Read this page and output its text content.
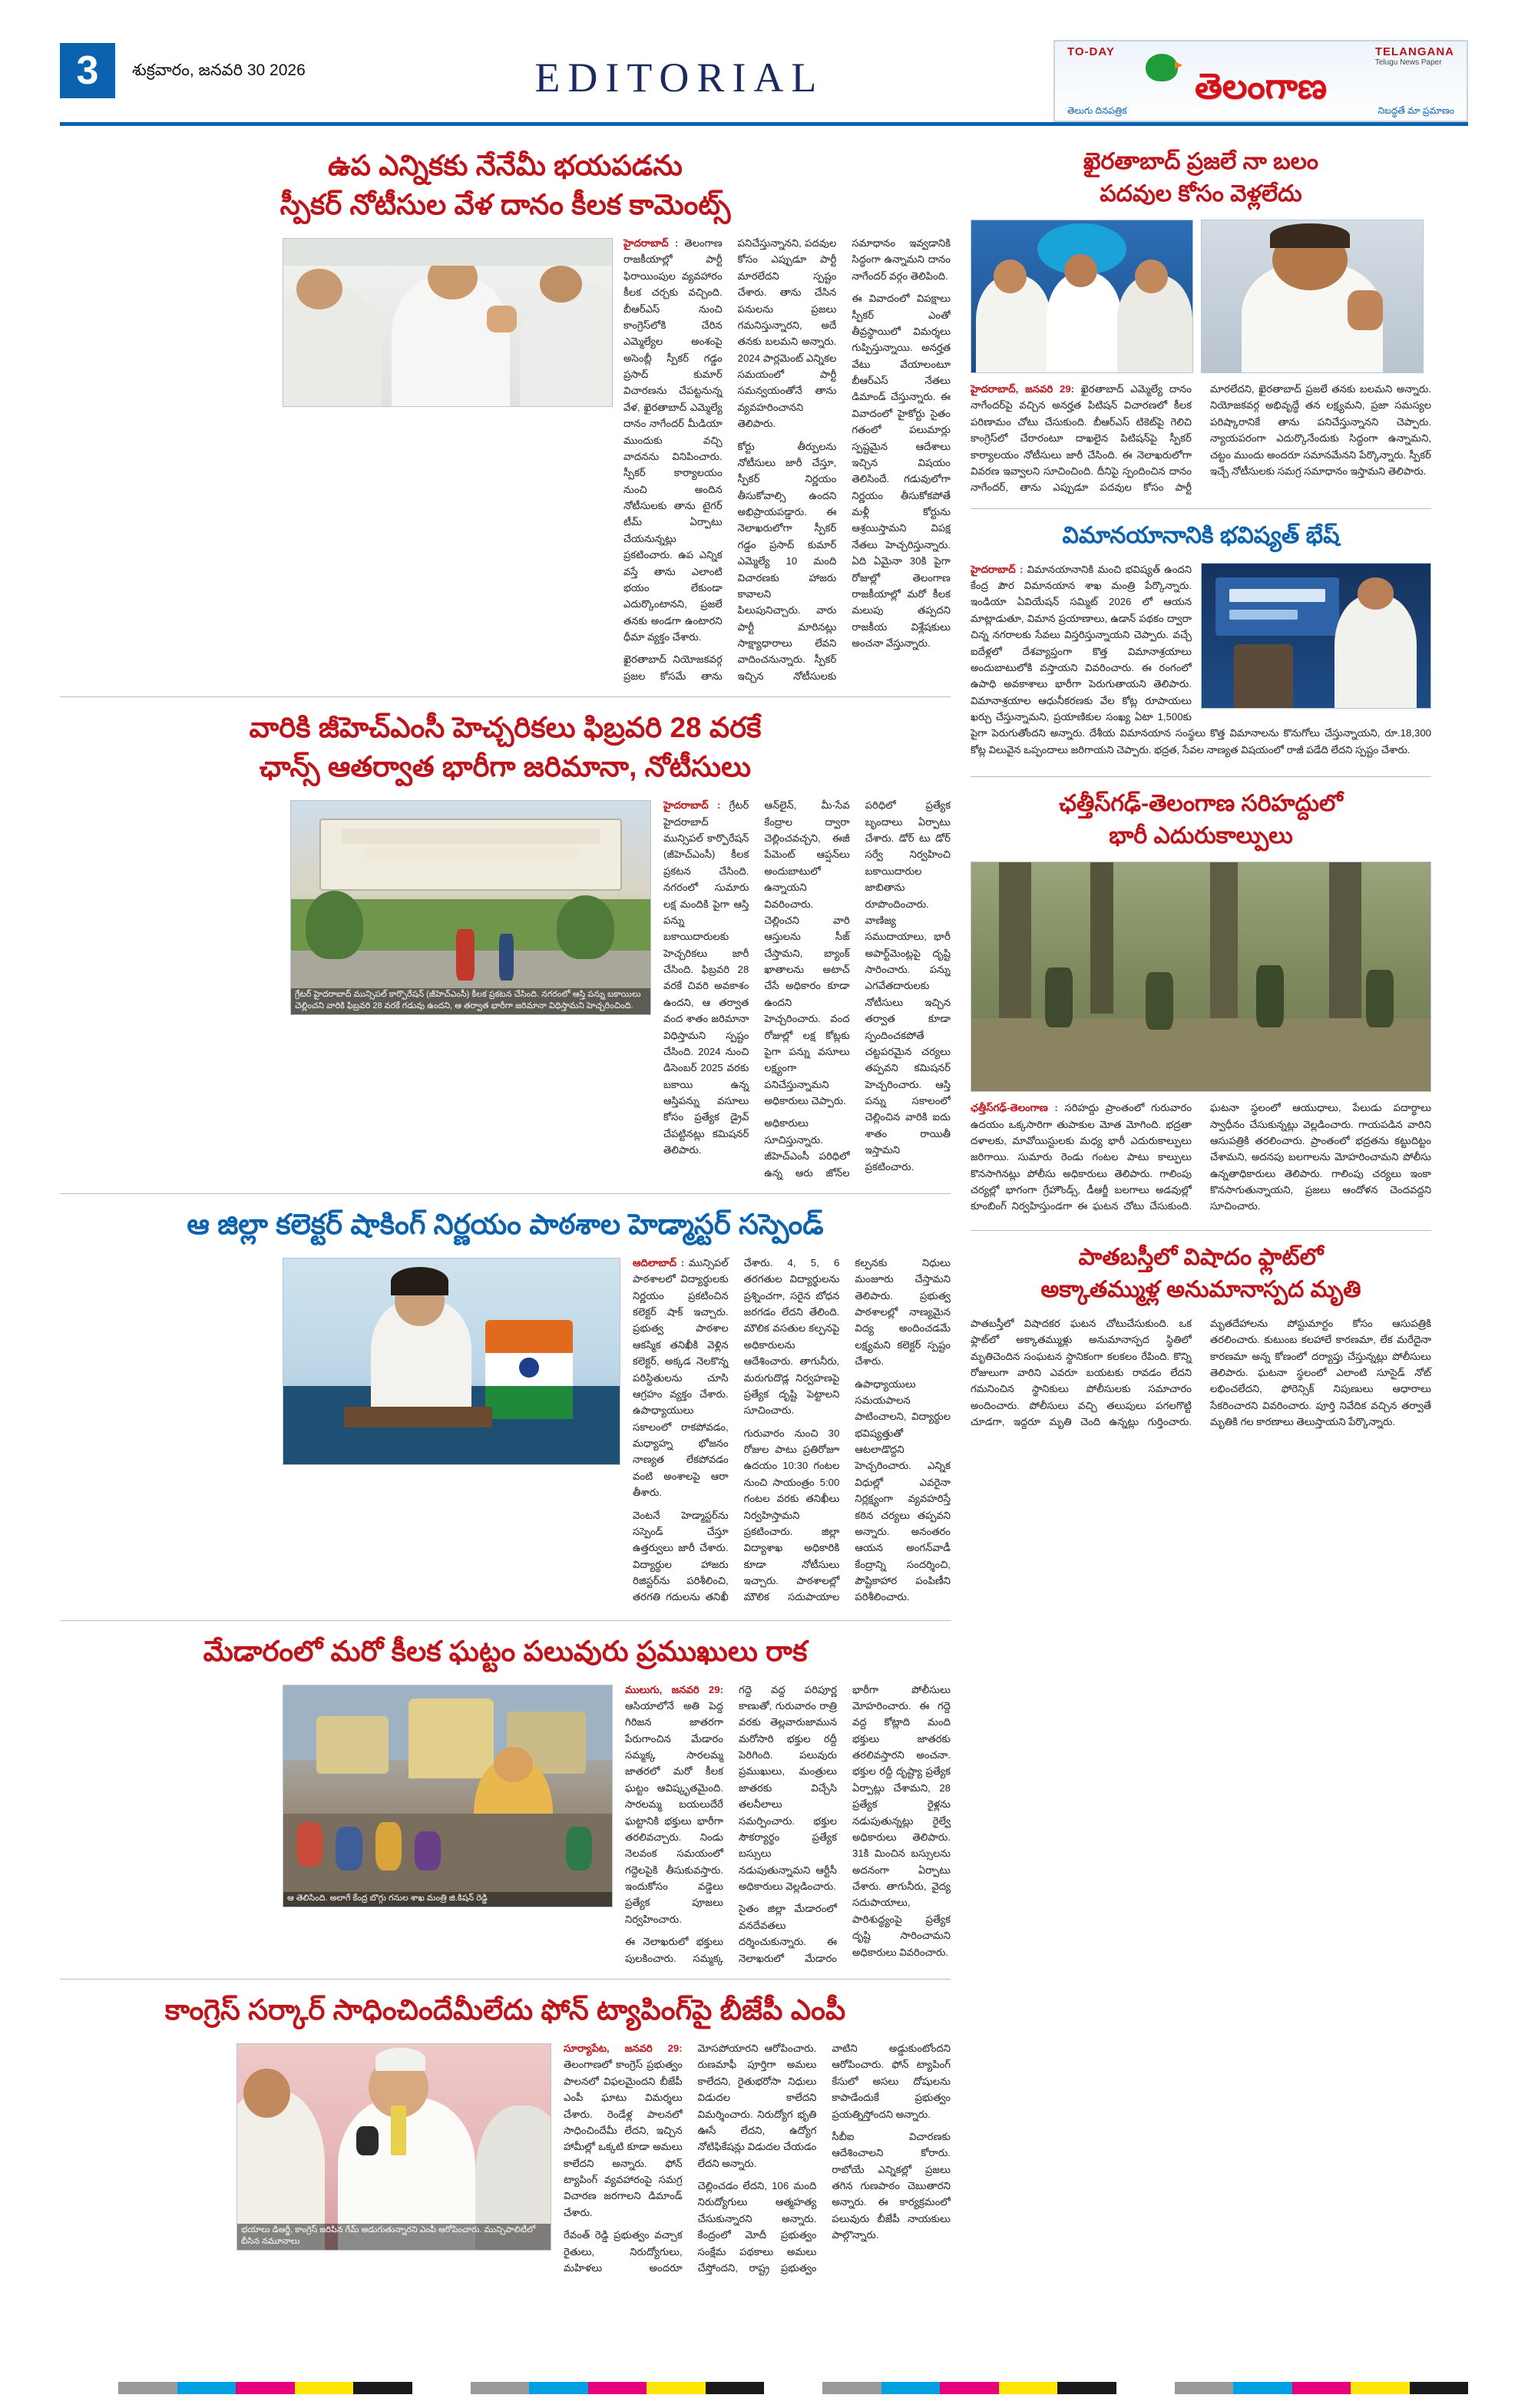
3	శుక్రవారం, జనవరి 30 2026	EDITORIAL
TO-DAY	TELANGANA
Telugu News Paper
తెలంగాణ
తెలుగు దినపత్రిక	నిబద్ధతే మా ప్రమాణం
ఉప ఎన్నికకు నేనేమీ భయపడను
స్పీకర్ నోటీసుల వేళ దానం కీలక కామెంట్స్

హైదరాబాద్ : తెలంగాణ రాజకీయాల్లో పార్టీ ఫిరాయింపుల వ్యవహారం కీలక చర్చకు వచ్చింది. బీఆర్ఎస్ నుంచి కాంగ్రెస్‌లోకి చేరిన ఎమ్మెల్యేల అంశంపై అసెంబ్లీ స్పీకర్ గడ్డం ప్రసాద్ కుమార్ విచారణను చేపట్టనున్న వేళ, ఖైరతాబాద్ ఎమ్మెల్యే దానం నాగేందర్ మీడియా ముందుకు వచ్చి వాదనను వినిపించారు. స్పీకర్ కార్యాలయం నుంచి అందిన నోటీసులకు తాను టైగర్ టీమ్ ఏర్పాటు చేయనున్నట్లు ప్రకటించారు. ఉప ఎన్నిక వస్తే తాను ఎలాంటి భయం లేకుండా ఎదుర్కొంటానని, ప్రజలే తనకు అండగా ఉంటారని ధీమా వ్యక్తం చేశారు.

ఖైరతాబాద్ నియోజకవర్గ ప్రజల కోసమే తాను పనిచేస్తున్నానని, పదవుల కోసం ఎప్పుడూ పార్టీ మారలేదని స్పష్టం చేశారు. తాను చేసిన పనులను ప్రజలు గమనిస్తున్నారని, అదే తనకు బలమని అన్నారు. 2024 పార్లమెంట్ ఎన్నికల సమయంలో పార్టీ సమన్వయంతోనే తాను వ్యవహరించానని తెలిపారు.

కోర్టు తీర్పులను నోటీసులు జారీ చేస్తూ, స్పీకర్ నిర్ణయం తీసుకోవాల్సి ఉందని అభిప్రాయపడ్డారు. ఈ నెలాఖరులోగా స్పీకర్ గడ్డం ప్రసాద్ కుమార్ ఎమ్మెల్యే 10 మంది విచారణకు హాజరు కావాలని పిలుపునిచ్చారు. వారు పార్టీ మారినట్లు సాక్ష్యాధారాలు లేవని వాదించనున్నారు. స్పీకర్ ఇచ్చిన నోటీసులకు సమాధానం ఇవ్వడానికి సిద్ధంగా ఉన్నామని దానం నాగేందర్ వర్గం తెలిపింది.

ఈ వివాదంలో విపక్షాలు స్పీకర్ ఎంతో తీవ్రస్థాయిలో విమర్శలు గుప్పిస్తున్నాయి. అనర్హత వేటు వేయాలంటూ బీఆర్ఎస్ నేతలు డిమాండ్ చేస్తున్నారు. ఈ వివాదంలో హైకోర్టు సైతం గతంలో పలుమార్లు స్పష్టమైన ఆదేశాలు ఇచ్చిన విషయం తెలిసిందే. గడువులోగా నిర్ణయం తీసుకోకపోతే మళ్లీ కోర్టును ఆశ్రయిస్తామని విపక్ష నేతలు హెచ్చరిస్తున్నారు. ఏది ఏమైనా 30కి పైగా రోజుల్లో తెలంగాణ రాజకీయాల్లో మరో కీలక మలుపు తప్పదని రాజకీయ విశ్లేషకులు అంచనా వేస్తున్నారు.

వారికి జీహెచ్ఎంసీ హెచ్చరికలు ఫిబ్రవరి 28 వరకే
ఛాన్స్ ఆతర్వాత భారీగా జరిమానా, నోటీసులు
గ్రేటర్ హైదరాబాద్ మున్సిపల్ కార్పొరేషన్ (జీహెచ్ఎంసీ) కీలక ప్రకటన చేసింది. నగరంలో ఆస్తి పన్ను బకాయిలు చెల్లించని వారికి ఫిబ్రవరి 28 వరకే గడువు ఉందని, ఆ తర్వాత భారీగా జరిమానా విధిస్తామని హెచ్చరించింది.

హైదరాబాద్ : గ్రేటర్ హైదరాబాద్ మున్సిపల్ కార్పొరేషన్ (జీహెచ్ఎంసీ) కీలక ప్రకటన చేసింది. నగరంలో సుమారు లక్ష మందికి పైగా ఆస్తి పన్ను బకాయిదారులకు హెచ్చరికలు జారీ చేసింది. ఫిబ్రవరి 28 వరకే చివరి అవకాశం ఉందని, ఆ తర్వాత వంద శాతం జరిమానా విధిస్తామని స్పష్టం చేసింది. 2024 నుంచి డిసెంబర్ 2025 వరకు బకాయి ఉన్న ఆస్తిపన్ను వసూలు కోసం ప్రత్యేక డ్రైవ్ చేపట్టినట్లు కమిషనర్ తెలిపారు.

ఆన్‌లైన్, మీ-సేవ కేంద్రాల ద్వారా చెల్లించవచ్చని, ఈజీ పేమెంట్ ఆప్షన్‌లు అందుబాటులో ఉన్నాయని వివరించారు. చెల్లించని వారి ఆస్తులను సీజ్ చేస్తామని, బ్యాంక్ ఖాతాలను అటాచ్ చేసే అధికారం కూడా ఉందని హెచ్చరించారు. వంద రోజుల్లో లక్ష కోట్లకు పైగా పన్ను వసూలు లక్ష్యంగా పనిచేస్తున్నామని అధికారులు చెప్పారు.

అధికారులు సూచిస్తున్నారు. జీహెచ్ఎంసీ పరిధిలో ఉన్న ఆరు జోన్‌ల పరిధిలో ప్రత్యేక బృందాలు ఏర్పాటు చేశారు. డోర్ టు డోర్ సర్వే నిర్వహించి బకాయిదారుల జాబితాను రూపొందించారు. వాణిజ్య సముదాయాలు, భారీ అపార్ట్‌మెంట్లపై దృష్టి సారించారు. పన్ను ఎగవేతదారులకు నోటీసులు ఇచ్చిన తర్వాత కూడా స్పందించకపోతే చట్టపరమైన చర్యలు తప్పవని కమిషనర్ హెచ్చరించారు. ఆస్తి పన్ను సకాలంలో చెల్లించిన వారికి ఐదు శాతం రాయితీ ఇస్తామని ప్రకటించారు.

ఆ జిల్లా కలెక్టర్ షాకింగ్ నిర్ణయం పాఠశాల హెడ్మాస్టర్ సస్పెండ్

ఆదిలాబాద్ : మున్సిపల్ పాఠశాలలో విద్యార్థులకు నిర్ణయం ప్రకటించిన కలెక్టర్ షాక్ ఇచ్చారు. ప్రభుత్వ పాఠశాల ఆకస్మిక తనిఖీకి వెళ్లిన కలెక్టర్, అక్కడ నెలకొన్న పరిస్థితులను చూసి ఆగ్రహం వ్యక్తం చేశారు. ఉపాధ్యాయులు సకాలంలో రాకపోవడం, మధ్యాహ్న భోజనం నాణ్యత లేకపోవడం వంటి అంశాలపై ఆరా తీశారు.

వెంటనే హెడ్మాస్టర్‌ను సస్పెండ్ చేస్తూ ఉత్తర్వులు జారీ చేశారు. విద్యార్థుల హాజరు రిజిస్టర్‌ను పరిశీలించి, తరగతి గదులను తనిఖీ చేశారు. 4, 5, 6 తరగతుల విద్యార్థులను ప్రశ్నించగా, సరైన బోధన జరగడం లేదని తేలింది. మౌలిక వసతుల కల్పనపై అధికారులను ఆదేశించారు. తాగునీరు, మరుగుదొడ్ల నిర్వహణపై ప్రత్యేక దృష్టి పెట్టాలని సూచించారు.

గురువారం నుంచి 30 రోజుల పాటు ప్రతిరోజూ ఉదయం 10:30 గంటల నుంచి సాయంత్రం 5:00 గంటల వరకు తనిఖీలు నిర్వహిస్తామని ప్రకటించారు. జిల్లా విద్యాశాఖ అధికారికి కూడా నోటీసులు ఇచ్చారు. పాఠశాలల్లో మౌలిక సదుపాయాల కల్పనకు నిధులు మంజూరు చేస్తామని తెలిపారు. ప్రభుత్వ పాఠశాలల్లో నాణ్యమైన విద్య అందించడమే లక్ష్యమని కలెక్టర్ స్పష్టం చేశారు.

ఉపాధ్యాయులు సమయపాలన పాటించాలని, విద్యార్థుల భవిష్యత్తుతో ఆటలాడొద్దని హెచ్చరించారు. ఎన్నిక విధుల్లో ఎవరైనా నిర్లక్ష్యంగా వ్యవహరిస్తే కఠిన చర్యలు తప్పవని అన్నారు. అనంతరం ఆయన అంగన్‌వాడీ కేంద్రాన్ని సందర్శించి, పౌష్టికాహార పంపిణీని పరిశీలించారు.

మేడారంలో మరో కీలక ఘట్టం పలువురు ప్రముఖులు రాక
ఆ తెలిసింది. అలాగే కేంద్ర బొగ్గు గనుల శాఖ మంత్రి జి.కిషన్ రెడ్డి

ములుగు, జనవరి 29: ఆసియాలోనే అతి పెద్ద గిరిజన జాతరగా పేరుగాంచిన మేడారం సమ్మక్క సారలమ్మ జాతరలో మరో కీలక ఘట్టం ఆవిష్కృతమైంది. సారలమ్మ బయలుదేరే ఘట్టానికి భక్తులు భారీగా తరలివచ్చారు. నిండు నెలవంక సమయంలో గద్దెలపైకి తీసుకువస్తారు. ఇందుకోసం వడ్డెలు ప్రత్యేక పూజలు నిర్వహించారు.

ఈ నెలాఖరులో భక్తులు పులకించారు. సమ్మక్క గద్దె వద్ద పరిపూర్ణ కాణుతో, గురువారం రాత్రి వరకు తెల్లవారుజామున మరోసారి భక్తుల రద్దీ పెరిగింది. పలువురు ప్రముఖులు, మంత్రులు జాతరకు విచ్చేసి తలనీలాలు సమర్పించారు. భక్తుల సౌకర్యార్థం ప్రత్యేక బస్సులు నడుపుతున్నామని ఆర్టీసీ అధికారులు వెల్లడించారు.

సైతం జిల్లా మేడారంలో వనదేవతలు దర్శించుకున్నారు. ఈ నెలాఖరులో మేడారం భారీగా పోలీసులు మోహరించారు. ఈ గద్దె వద్ద కోట్లాది మంది భక్తులు జాతరకు తరలివస్తారని అంచనా. భక్తుల రద్దీ దృష్ట్యా ప్రత్యేక ఏర్పాట్లు చేశామని, 28 ప్రత్యేక రైళ్లను నడుపుతున్నట్లు రైల్వే అధికారులు తెలిపారు. 31కి మించిన బస్సులను అదనంగా ఏర్పాటు చేశారు. తాగునీరు, వైద్య సదుపాయాలు, పారిశుద్ధ్యంపై ప్రత్యేక దృష్టి సారించామని అధికారులు వివరించారు.

కాంగ్రెస్ సర్కార్ సాధించిందేమీలేదు ఫోన్ ట్యాపింగ్‌పై బీజేపీ ఎంపీ
భయాలు డిఆర్జీ, కాంగ్రెస్ జరిపిన గేమ్ అడుగుతున్నారని ఎంపీ ఆరోపించారు. మున్సిపాలిటీలో బీసిన నమూనాలు

సూర్యాపేట, జనవరి 29: తెలంగాణలో కాంగ్రెస్ ప్రభుత్వం పాలనలో విఫలమైందని బీజేపీ ఎంపీ ఘాటు విమర్శలు చేశారు. రెండేళ్ల పాలనలో సాధించిందేమీ లేదని, ఇచ్చిన హామీల్లో ఒక్కటి కూడా అమలు కాలేదని అన్నారు. ఫోన్ ట్యాపింగ్ వ్యవహారంపై సమగ్ర విచారణ జరగాలని డిమాండ్ చేశారు.

రేవంత్ రెడ్డి ప్రభుత్వం వచ్చాక రైతులు, నిరుద్యోగులు, మహిళలు అందరూ మోసపోయారని ఆరోపించారు. రుణమాఫీ పూర్తిగా అమలు కాలేదని, రైతుభరోసా నిధులు విడుదల కాలేదని విమర్శించారు. నిరుద్యోగ భృతి ఊసే లేదని, ఉద్యోగ నోటిఫికేషన్లు విడుదల చేయడం లేదని అన్నారు.

చెల్లించడం లేదని, 106 మంది నిరుద్యోగులు ఆత్మహత్య చేసుకున్నారని అన్నారు. కేంద్రంలో మోదీ ప్రభుత్వం సంక్షేమ పథకాలు అమలు చేస్తోందని, రాష్ట్ర ప్రభుత్వం వాటిని అడ్డుకుంటోందని ఆరోపించారు. ఫోన్ ట్యాపింగ్ కేసులో అసలు దోషులను కాపాడేందుకే ప్రభుత్వం ప్రయత్నిస్తోందని అన్నారు.

సీబీఐ విచారణకు ఆదేశించాలని కోరారు. రాబోయే ఎన్నికల్లో ప్రజలు తగిన గుణపాఠం చెబుతారని అన్నారు. ఈ కార్యక్రమంలో పలువురు బీజేపీ నాయకులు పాల్గొన్నారు.

ఖైరతాబాద్ ప్రజలే నా బలం
పదవుల కోసం వెళ్లలేదు

హైదరాబాద్, జనవరి 29: ఖైరతాబాద్ ఎమ్మెల్యే దానం నాగేందర్‌పై వచ్చిన అనర్హత పిటిషన్ విచారణలో కీలక పరిణామం చోటు చేసుకుంది. బీఆర్ఎస్ టికెట్‌పై గెలిచి కాంగ్రెస్‌లో చేరారంటూ దాఖలైన పిటిషన్‌పై స్పీకర్ కార్యాలయం నోటీసులు జారీ చేసింది. ఈ నెలాఖరులోగా వివరణ ఇవ్వాలని సూచించింది. దీనిపై స్పందించిన దానం నాగేందర్, తాను ఎప్పుడూ పదవుల కోసం పార్టీ మారలేదని, ఖైరతాబాద్ ప్రజలే తనకు బలమని అన్నారు. నియోజకవర్గ అభివృద్ధే తన లక్ష్యమని, ప్రజా సమస్యల పరిష్కారానికే తాను పనిచేస్తున్నానని చెప్పారు. న్యాయపరంగా ఎదుర్కొనేందుకు సిద్ధంగా ఉన్నామని, చట్టం ముందు అందరూ సమానమేనని పేర్కొన్నారు. స్పీకర్ ఇచ్చే నోటీసులకు సమగ్ర సమాధానం ఇస్తామని తెలిపారు.

విమానయానానికి భవిష్యత్ భేష్

హైదరాబాద్ : విమానయానానికి మంచి భవిష్యత్ ఉందని కేంద్ర పౌర విమానయాన శాఖ మంత్రి పేర్కొన్నారు. ఇండియా ఏవియేషన్ సమ్మిట్ 2026 లో ఆయన మాట్లాడుతూ, విమాన ప్రయాణాలు, ఉడాన్ పథకం ద్వారా చిన్న నగరాలకు సేవలు విస్తరిస్తున్నాయని చెప్పారు. వచ్చే ఐదేళ్లలో దేశవ్యాప్తంగా కొత్త విమానాశ్రయాలు అందుబాటులోకి వస్తాయని వివరించారు. ఈ రంగంలో ఉపాధి అవకాశాలు భారీగా పెరుగుతాయని తెలిపారు. విమానాశ్రయాల ఆధునీకరణకు వేల కోట్ల రూపాయలు ఖర్చు చేస్తున్నామని, ప్రయాణికుల సంఖ్య ఏటా 1,500కు పైగా పెరుగుతోందని అన్నారు. దేశీయ విమానయాన సంస్థలు కొత్త విమానాలను కొనుగోలు చేస్తున్నాయని, రూ.18,300 కోట్ల విలువైన ఒప్పందాలు జరిగాయని చెప్పారు. భద్రత, సేవల నాణ్యత విషయంలో రాజీ పడేది లేదని స్పష్టం చేశారు.

ఛత్తీస్‌గఢ్-తెలంగాణ సరిహద్దులో
భారీ ఎదురుకాల్పులు

ఛత్తీస్‌గఢ్-తెలంగాణ : సరిహద్దు ప్రాంతంలో గురువారం ఉదయం ఒక్కసారిగా తుపాకుల మోత మోగింది. భద్రతా దళాలకు, మావోయిస్టులకు మధ్య భారీ ఎదురుకాల్పులు జరిగాయి. సుమారు రెండు గంటల పాటు కాల్పులు కొనసాగినట్లు పోలీసు అధికారులు తెలిపారు. గాలింపు చర్యల్లో భాగంగా గ్రేహౌండ్స్, డీఆర్జీ బలగాలు అడవుల్లో కూంబింగ్ నిర్వహిస్తుండగా ఈ ఘటన చోటు చేసుకుంది. ఘటనా స్థలంలో ఆయుధాలు, పేలుడు పదార్థాలు స్వాధీనం చేసుకున్నట్లు వెల్లడించారు. గాయపడిన వారిని ఆసుపత్రికి తరలించారు. ప్రాంతంలో భద్రతను కట్టుదిట్టం చేశామని, అదనపు బలగాలను మోహరించామని పోలీసు ఉన్నతాధికారులు తెలిపారు. గాలింపు చర్యలు ఇంకా కొనసాగుతున్నాయని, ప్రజలు ఆందోళన చెందవద్దని సూచించారు.

పాతబస్తీలో విషాదం ఫ్లాట్‌లో
అక్కాతమ్ముళ్ల అనుమానాస్పద మృతి

పాతబస్తీలో విషాదకర ఘటన చోటుచేసుకుంది. ఒక ఫ్లాట్‌లో అక్కాతమ్ముళ్లు అనుమానాస్పద స్థితిలో మృతిచెందిన సంఘటన స్థానికంగా కలకలం రేపింది. కొన్ని రోజులుగా వారిని ఎవరూ బయటకు రావడం లేదని గమనించిన స్థానికులు పోలీసులకు సమాచారం అందించారు. పోలీసులు వచ్చి తలుపులు పగలగొట్టి చూడగా, ఇద్దరూ మృతి చెంది ఉన్నట్లు గుర్తించారు. మృతదేహాలను పోస్టుమార్టం కోసం ఆసుపత్రికి తరలించారు. కుటుంబ కలహాలే కారణమా, లేక మరేదైనా కారణమా అన్న కోణంలో దర్యాప్తు చేస్తున్నట్లు పోలీసులు తెలిపారు. ఘటనా స్థలంలో ఎలాంటి సూసైడ్ నోట్ లభించలేదని, ఫోరెన్సిక్ నిపుణులు ఆధారాలు సేకరించారని వివరించారు. పూర్తి నివేదిక వచ్చిన తర్వాతే మృతికి గల కారణాలు తెలుస్తాయని పేర్కొన్నారు.
